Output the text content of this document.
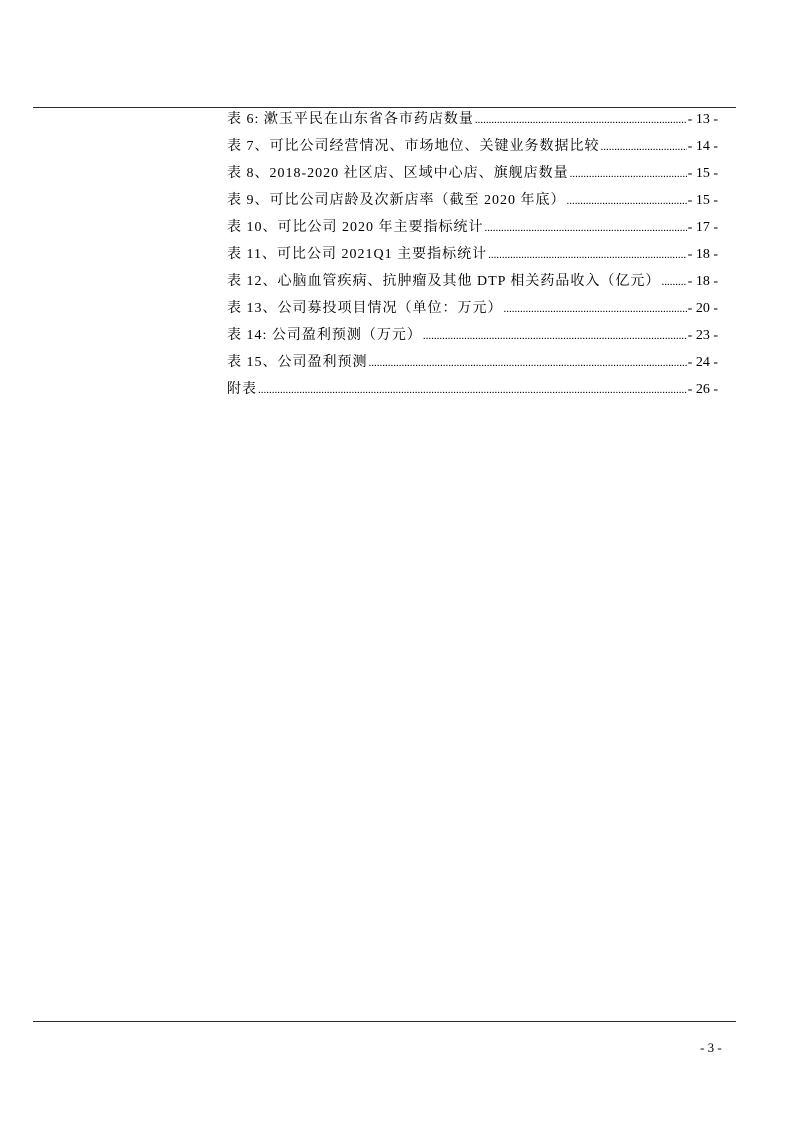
表 6: 漱玉平民在山东省各市药店数量 .....	- 13 -
表 7、可比公司经营情况、市场地位、关键业务数据比较 .....	- 14 -
表 8、2018-2020 社区店、区域中心店、旗舰店数量 .....	- 15 -
表 9、可比公司店龄及次新店率（截至 2020 年底） .....	- 15 -
表 10、可比公司 2020 年主要指标统计 .....	- 17 -
表 11、可比公司 2021Q1 主要指标统计 .....	- 18 -
表 12、心脑血管疾病、抗肿瘤及其他 DTP 相关药品收入（亿元） ..... - 18 -
表 13、公司募投项目情况（单位：万元） .....	- 20 -
表 14: 公司盈利预测（万元） .....	- 23 -
表 15、公司盈利预测 .....	- 24 -
附表 .....	- 26 -
- 3 -
